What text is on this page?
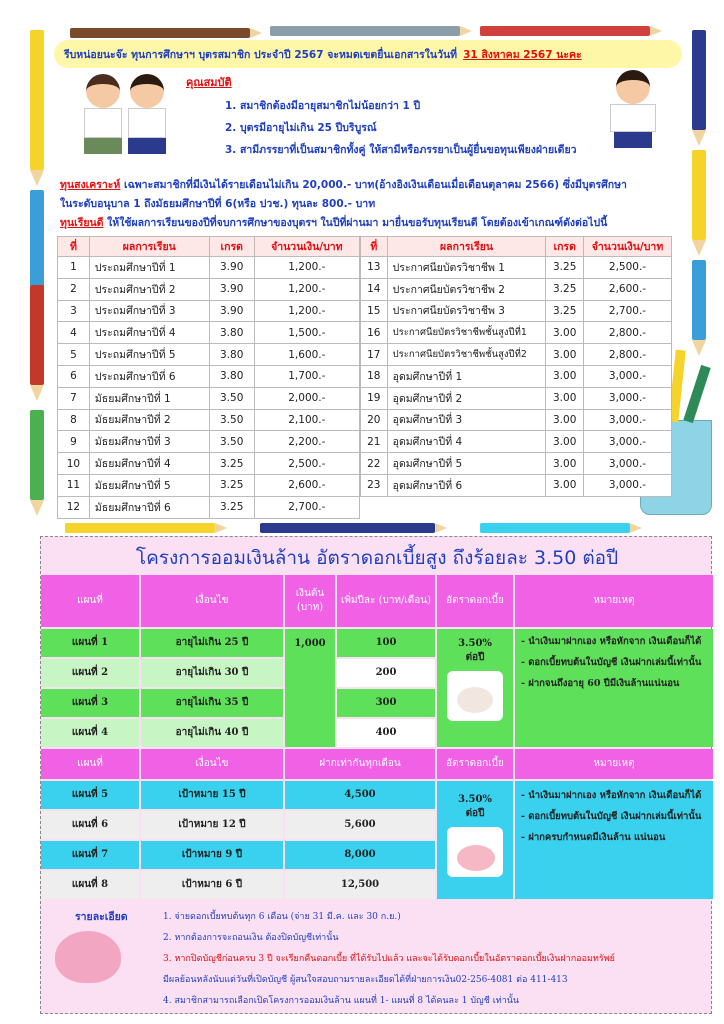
รีบหน่อยนะจ๊ะ ทุนการศึกษาฯ บุตรสมาชิก ประจำปี 2567 จะหมดเขตยื่นเอกสารในวันที่ 31 สิงหาคม 2567 นะคะ
คุณสมบัติ
1. สมาชิกต้องมีอายุสมาชิกไม่น้อยกว่า 1 ปี
2. บุตรมีอายุไม่เกิน 25 ปีบริบูรณ์
3. สามีภรรยาที่เป็นสมาชิกทั้งคู่ ให้สามีหรือภรรยาเป็นผู้ยื่นขอทุนเพียงฝ่ายเดียว
ทุนสงเคราะห์ เฉพาะสมาชิกที่มีเงินได้รายเดือนไม่เกิน 20,000.- บาท(อ้างอิงเงินเดือนเมื่อเดือนตุลาคม 2566) ซึ่งมีบุตรศึกษา
ในระดับอนุบาล 1 ถึงมัธยมศึกษาปีที่ 6(หรือ ปวช.) ทุนละ 800.- บาท
ทุนเรียนดี ให้ใช้ผลการเรียนของปีที่จบการศึกษาของบุตรฯ ในปีที่ผ่านมา มายื่นขอรับทุนเรียนดี โดยต้องเข้าเกณฑ์ดังต่อไปนี้
ที่	ผลการเรียน	เกรด	จำนวนเงิน/บาท
1	ประถมศึกษาปีที่ 1	3.90	1,200.-
2	ประถมศึกษาปีที่ 2	3.90	1,200.-
3	ประถมศึกษาปีที่ 3	3.90	1,200.-
4	ประถมศึกษาปีที่ 4	3.80	1,500.-
5	ประถมศึกษาปีที่ 5	3.80	1,600.-
6	ประถมศึกษาปีที่ 6	3.80	1,700.-
7	มัธยมศึกษาปีที่ 1	3.50	2,000.-
8	มัธยมศึกษาปีที่ 2	3.50	2,100.-
9	มัธยมศึกษาปีที่ 3	3.50	2,200.-
10	มัธยมศึกษาปีที่ 4	3.25	2,500.-
11	มัธยมศึกษาปีที่ 5	3.25	2,600.-
12	มัธยมศึกษาปีที่ 6	3.25	2,700.-
ที่	ผลการเรียน	เกรด	จำนวนเงิน/บาท
13	ประกาศนียบัตรวิชาชีพ 1	3.25	2,500.-
14	ประกาศนียบัตรวิชาชีพ 2	3.25	2,600.-
15	ประกาศนียบัตรวิชาชีพ 3	3.25	2,700.-
16	ประกาศนียบัตรวิชาชีพชั้นสูงปีที่1	3.00	2,800.-
17	ประกาศนียบัตรวิชาชีพชั้นสูงปีที่2	3.00	2,800.-
18	อุดมศึกษาปีที่ 1	3.00	3,000.-
19	อุดมศึกษาปีที่ 2	3.00	3,000.-
20	อุดมศึกษาปีที่ 3	3.00	3,000.-
21	อุดมศึกษาปีที่ 4	3.00	3,000.-
22	อุดมศึกษาปีที่ 5	3.00	3,000.-
23	อุดมศึกษาปีที่ 6	3.00	3,000.-
โครงการออมเงินล้าน อัตราดอกเบี้ยสูง ถึงร้อยละ 3.50 ต่อปี
แผนที่	เงื่อนไข
เงินต้น (บาท)
เพิ่มปีละ (บาท/เดือน)	อัตราดอกเบี้ย	หมายเหตุ
แผนที่ 1	อายุไม่เกิน 25 ปี	100
แผนที่ 2	อายุไม่เกิน 30 ปี	200
แผนที่ 3	อายุไม่เกิน 35 ปี	300
แผนที่ 4	อายุไม่เกิน 40 ปี	400
1,000	3.50%
ต่อปี
- นำเงินมาฝากเอง หรือหักจาก เงินเดือนก็ได้
- ดอกเบี้ยทบต้นในบัญชี เงินฝากเล่มนี้เท่านั้น
- ฝากจนถึงอายุ 60 ปีมีเงินล้านแน่นอน
แผนที่	เงื่อนไข	ฝากเท่ากันทุกเดือน	อัตราดอกเบี้ย	หมายเหตุ
แผนที่ 5	เป้าหมาย 15 ปี	4,500
แผนที่ 6	เป้าหมาย 12 ปี	5,600
แผนที่ 7	เป้าหมาย 9 ปี	8,000
แผนที่ 8	เป้าหมาย 6 ปี	12,500
3.50%
ต่อปี
- นำเงินมาฝากเอง หรือหักจาก เงินเดือนก็ได้
- ดอกเบี้ยทบต้นในบัญชี เงินฝากเล่มนี้เท่านั้น
- ฝากครบกำหนดมีเงินล้าน แน่นอน
รายละเอียด	1. จ่ายดอกเบี้ยทบต้นทุก 6 เดือน (จ่าย 31 มี.ค. และ 30 ก.ย.)
2. หากต้องการจะถอนเงิน ต้องปิดบัญชีเท่านั้น
3. หากปิดบัญชีก่อนครบ 3 ปี จะเรียกคืนดอกเบี้ย ที่ได้รับไปแล้ว และจะได้รับดอกเบี้ยในอัตราดอกเบี้ยเงินฝากออมทรัพย์
มีผลย้อนหลังนับแต่วันที่เปิดบัญชี ผู้สนใจสอบถามรายละเอียดได้ที่ฝ่ายการเงิน02-256-4081 ต่อ 411-413
4. สมาชิกสามารถเลือกเปิดโครงการออมเงินล้าน แผนที่ 1- แผนที่ 8 ได้คนละ 1 บัญชี เท่านั้น
